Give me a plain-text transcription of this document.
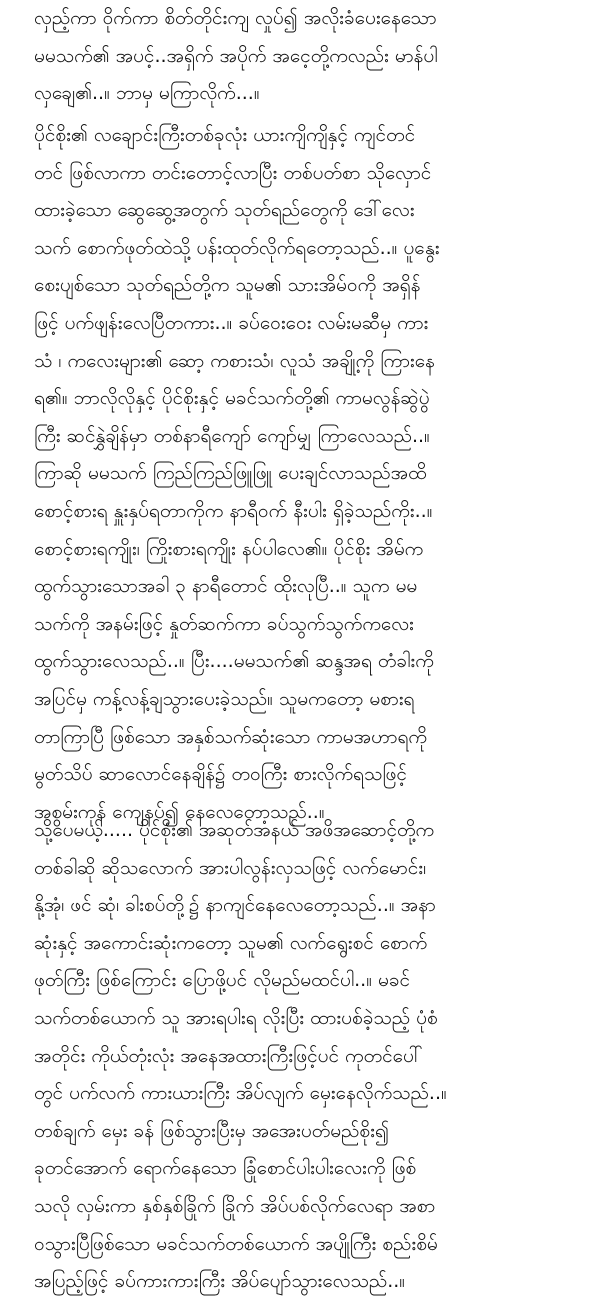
လှည့်ကာ ဝိုက်ကာ စိတ်တိုင်းကျ လှုပ်၍ အလိုးခံပေးနေသော
မမသက်၏ အပင့်..အရှိက် အပိုက် အငေ့တို့ကလည်း မာန်ပါ
လှချေ၏..။ ဘာမှ မကြာလိုက်...။
ပိုင်စိုး၏ လချောင်းကြီးတစ်ခုလုံး ယားကျိကျိနှင့် ကျင်တင်
တင် ဖြစ်လာကာ တင်းတောင့်လာပြီး တစ်ပတ်စာ သိုလှောင်
ထားခဲ့သော ဆွေဆွေ့အတွက် သုတ်ရည်တွေကို ဒေါ်လေး
သက် စောက်ဖုတ်ထဲသို့ ပန်းထုတ်လိုက်ရတော့သည်..။ ပူနွေး
စေးပျစ်သော သုတ်ရည်တို့က သူမ၏ သားအိမ်ဝကို အရှိန်
ဖြင့် ပက်ဖျန်းလေပြီတကား..။ ခပ်ဝေးဝေး လမ်းမဆီမှ ကား
သံ ၊ ကလေးများ၏ ဆော့ ကစားသံ၊ လူသံ အချို့ကို ကြားနေ
ရ၏။ ဘာလိုလိုနှင့် ပိုင်စိုးနှင့် မခင်သက်တို့၏ ကာမလွန်ဆွဲပွဲ
ကြီး ဆင်နွှဲချိန်မှာ တစ်နာရီကျော် ကျော်မျှ ကြာလေသည်..။
ကြာဆို မမသက် ကြည်ကြည်ဖြူဖြူ ပေးချင်လာသည်အထိ
စောင့်စားရ နှူးနှပ်ရတာကိုက နာရီဝက် နီးပါး ရှိခဲ့သည်ကိုး..။
စောင့်စားရကျိုး၊ ကြိုးစားရကျိုး နပ်ပါလေ၏။ ပိုင်စိုး အိမ်က
ထွက်သွားသောအခါ ၃ နာရီတောင် ထိုးလုပြီ..။ သူက မမ
သက်ကို အနမ်းဖြင့် နှုတ်ဆက်ကာ ခပ်သွက်သွက်ကလေး
ထွက်သွားလေသည်..။ ပြီး....မမသက်၏ ဆန္ဒအရ တံခါးကို
အပြင်မှ ကန့်လန့်ချသွားပေးခဲ့သည်။ သူမကတော့ မစားရ
တာကြာပြီ ဖြစ်သော အနှစ်သက်ဆုံးသော ကာမအဟာရကို
မွတ်သိပ် ဆာလောင်နေချိန်၌ တဝကြီး စားလိုက်ရသဖြင့်
အစွမ်းကုန် ကျေနပ်၍ နေလေတော့သည်..။
သို့ပေမယ့်..... ပိုင်စိုး၏ အဆုတ်အနယ် အဖိအဆောင့်တို့က
တစ်ခါဆို ဆိုသလောက် အားပါလွန်းလှသဖြင့် လက်မောင်း၊
နို့အုံ၊ ဖင် ဆုံ၊ ခါးစပ်တို့၌ နာကျင်နေလေတော့သည်..။ အနာ
ဆုံးနှင့် အကောင်းဆုံးကတော့ သူမ၏ လက်ရွေးစင် စောက်
ဖုတ်ကြီး ဖြစ်ကြောင်း ပြောဖို့ပင် လိုမည်မထင်ပါ..။ မခင်
သက်တစ်ယောက် သူ အားရပါးရ လိုးပြီး ထားပစ်ခဲ့သည့် ပုံစံ
အတိုင်း ကိုယ်တုံးလုံး အနေအထားကြီးဖြင့်ပင် ကုတင်ပေါ်
တွင် ပက်လက် ကားယားကြီး အိပ်လျက် မှေးနေလိုက်သည်..။
တစ်ချက် မှေး ခန် ဖြစ်သွားပြီးမှ အအေးပတ်မည်စိုး၍
ခုတင်အောက် ရောက်နေသော ခြုံစောင်ပါးပါးလေးကို ဖြစ်
သလို လှမ်းကာ နှစ်နှစ်ခြိုက် ခြိုက် အိပ်ပစ်လိုက်လေရာ အစာ
ဝသွားပြီဖြစ်သော မခင်သက်တစ်ယောက် အပျိုကြီး စည်းစိမ်
အပြည့်ဖြင့် ခပ်ကားကားကြီး အိပ်ပျော်သွားလေသည်..။
